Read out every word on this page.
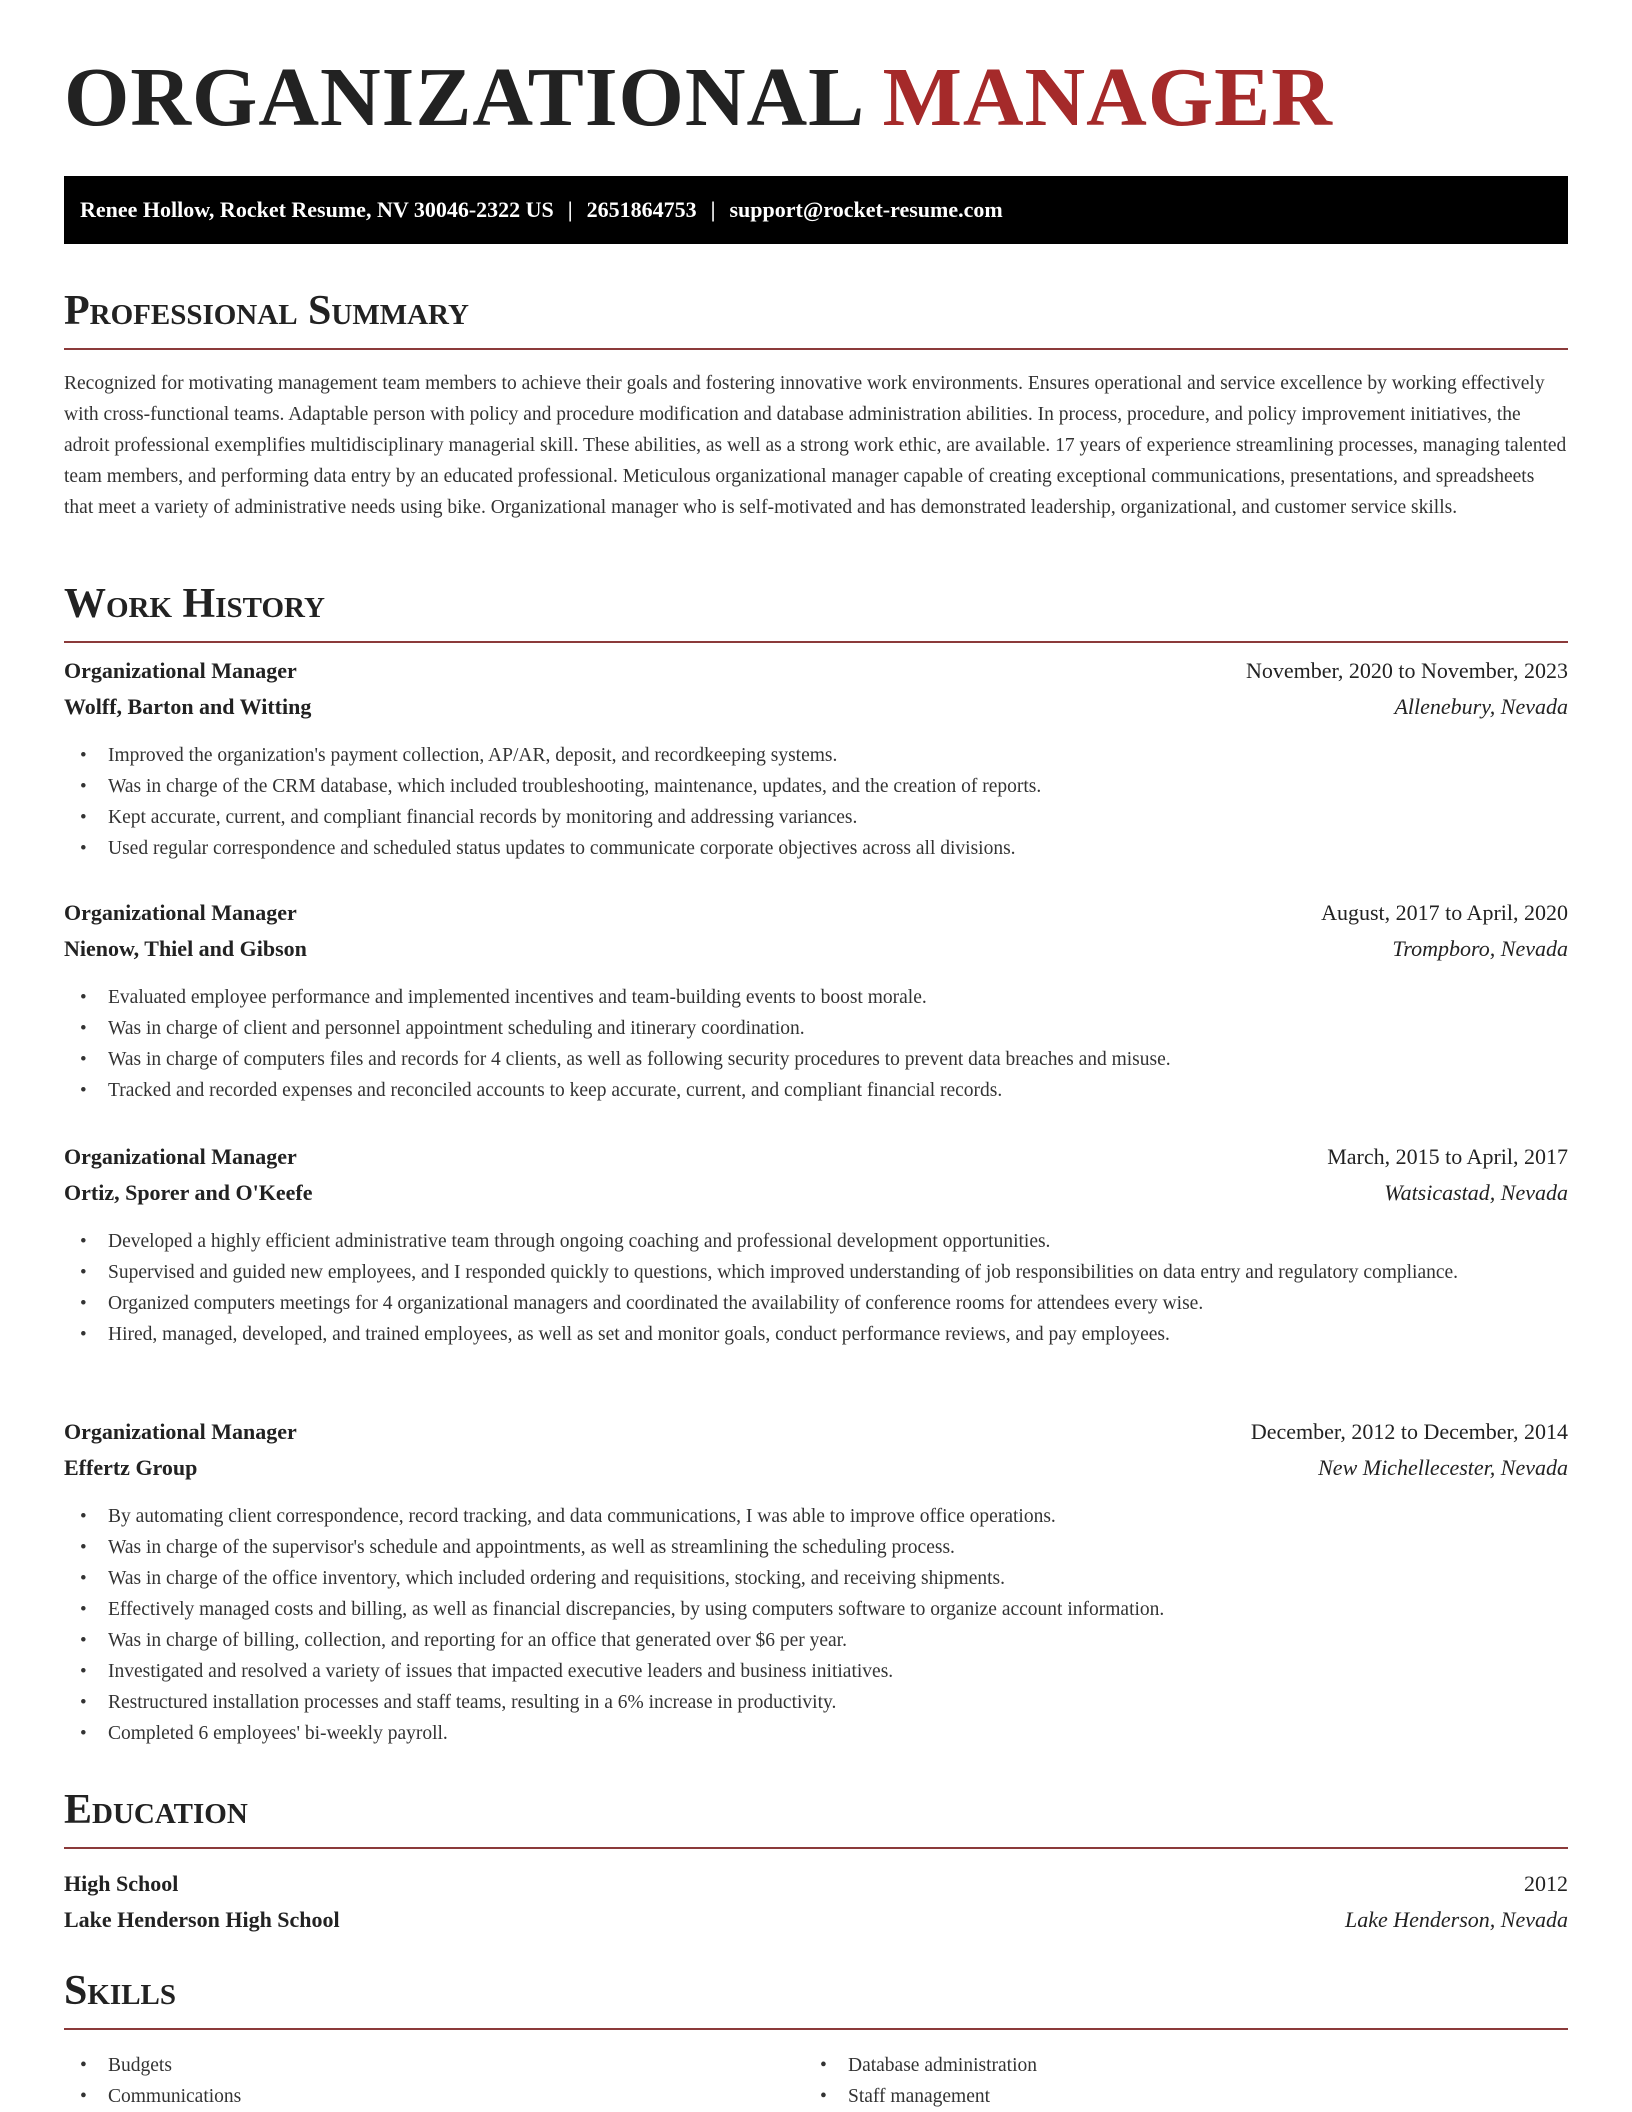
ORGANIZATIONAL MANAGER
Renee Hollow, Rocket Resume, NV 30046-2322 US | 2651864753 | support@rocket-resume.com
Professional Summary

Recognized for motivating management team members to achieve their goals and fostering innovative work environments. Ensures operational and service excellence by working effectively with cross-functional teams. Adaptable person with policy and procedure modification and database administration abilities. In process, procedure, and policy improvement initiatives, the adroit professional exemplifies multidisciplinary managerial skill. These abilities, as well as a strong work ethic, are available. 17 years of experience streamlining processes, managing talented team members, and performing data entry by an educated professional. Meticulous organizational manager capable of creating exceptional communications, presentations, and spreadsheets that meet a variety of administrative needs using bike. Organizational manager who is self-motivated and has demonstrated leadership, organizational, and customer service skills.

Work History
Organizational Manager	November, 2020 to November, 2023
Wolff, Barton and Witting	Allenebury, Nevada
• Improved the organization's payment collection, AP/AR, deposit, and recordkeeping systems.
• Was in charge of the CRM database, which included troubleshooting, maintenance, updates, and the creation of reports.
• Kept accurate, current, and compliant financial records by monitoring and addressing variances.
• Used regular correspondence and scheduled status updates to communicate corporate objectives across all divisions.
Organizational Manager	August, 2017 to April, 2020
Nienow, Thiel and Gibson	Trompboro, Nevada
• Evaluated employee performance and implemented incentives and team-building events to boost morale.
• Was in charge of client and personnel appointment scheduling and itinerary coordination.
• Was in charge of computers files and records for 4 clients, as well as following security procedures to prevent data breaches and misuse.
• Tracked and recorded expenses and reconciled accounts to keep accurate, current, and compliant financial records.
Organizational Manager	March, 2015 to April, 2017
Ortiz, Sporer and O'Keefe	Watsicastad, Nevada
• Developed a highly efficient administrative team through ongoing coaching and professional development opportunities.
• Supervised and guided new employees, and I responded quickly to questions, which improved understanding of job responsibilities on data entry and regulatory compliance.
• Organized computers meetings for 4 organizational managers and coordinated the availability of conference rooms for attendees every wise.
• Hired, managed, developed, and trained employees, as well as set and monitor goals, conduct performance reviews, and pay employees.
Organizational Manager	December, 2012 to December, 2014
Effertz Group	New Michellecester, Nevada
• By automating client correspondence, record tracking, and data communications, I was able to improve office operations.
• Was in charge of the supervisor's schedule and appointments, as well as streamlining the scheduling process.
• Was in charge of the office inventory, which included ordering and requisitions, stocking, and receiving shipments.
• Effectively managed costs and billing, as well as financial discrepancies, by using computers software to organize account information.
• Was in charge of billing, collection, and reporting for an office that generated over $6 per year.
• Investigated and resolved a variety of issues that impacted executive leaders and business initiatives.
• Restructured installation processes and staff teams, resulting in a 6% increase in productivity.
• Completed 6 employees' bi-weekly payroll.
Education
High School	2012
Lake Henderson High School	Lake Henderson, Nevada
Skills
• Budgets
• Communications
• Database administration
• Staff management
